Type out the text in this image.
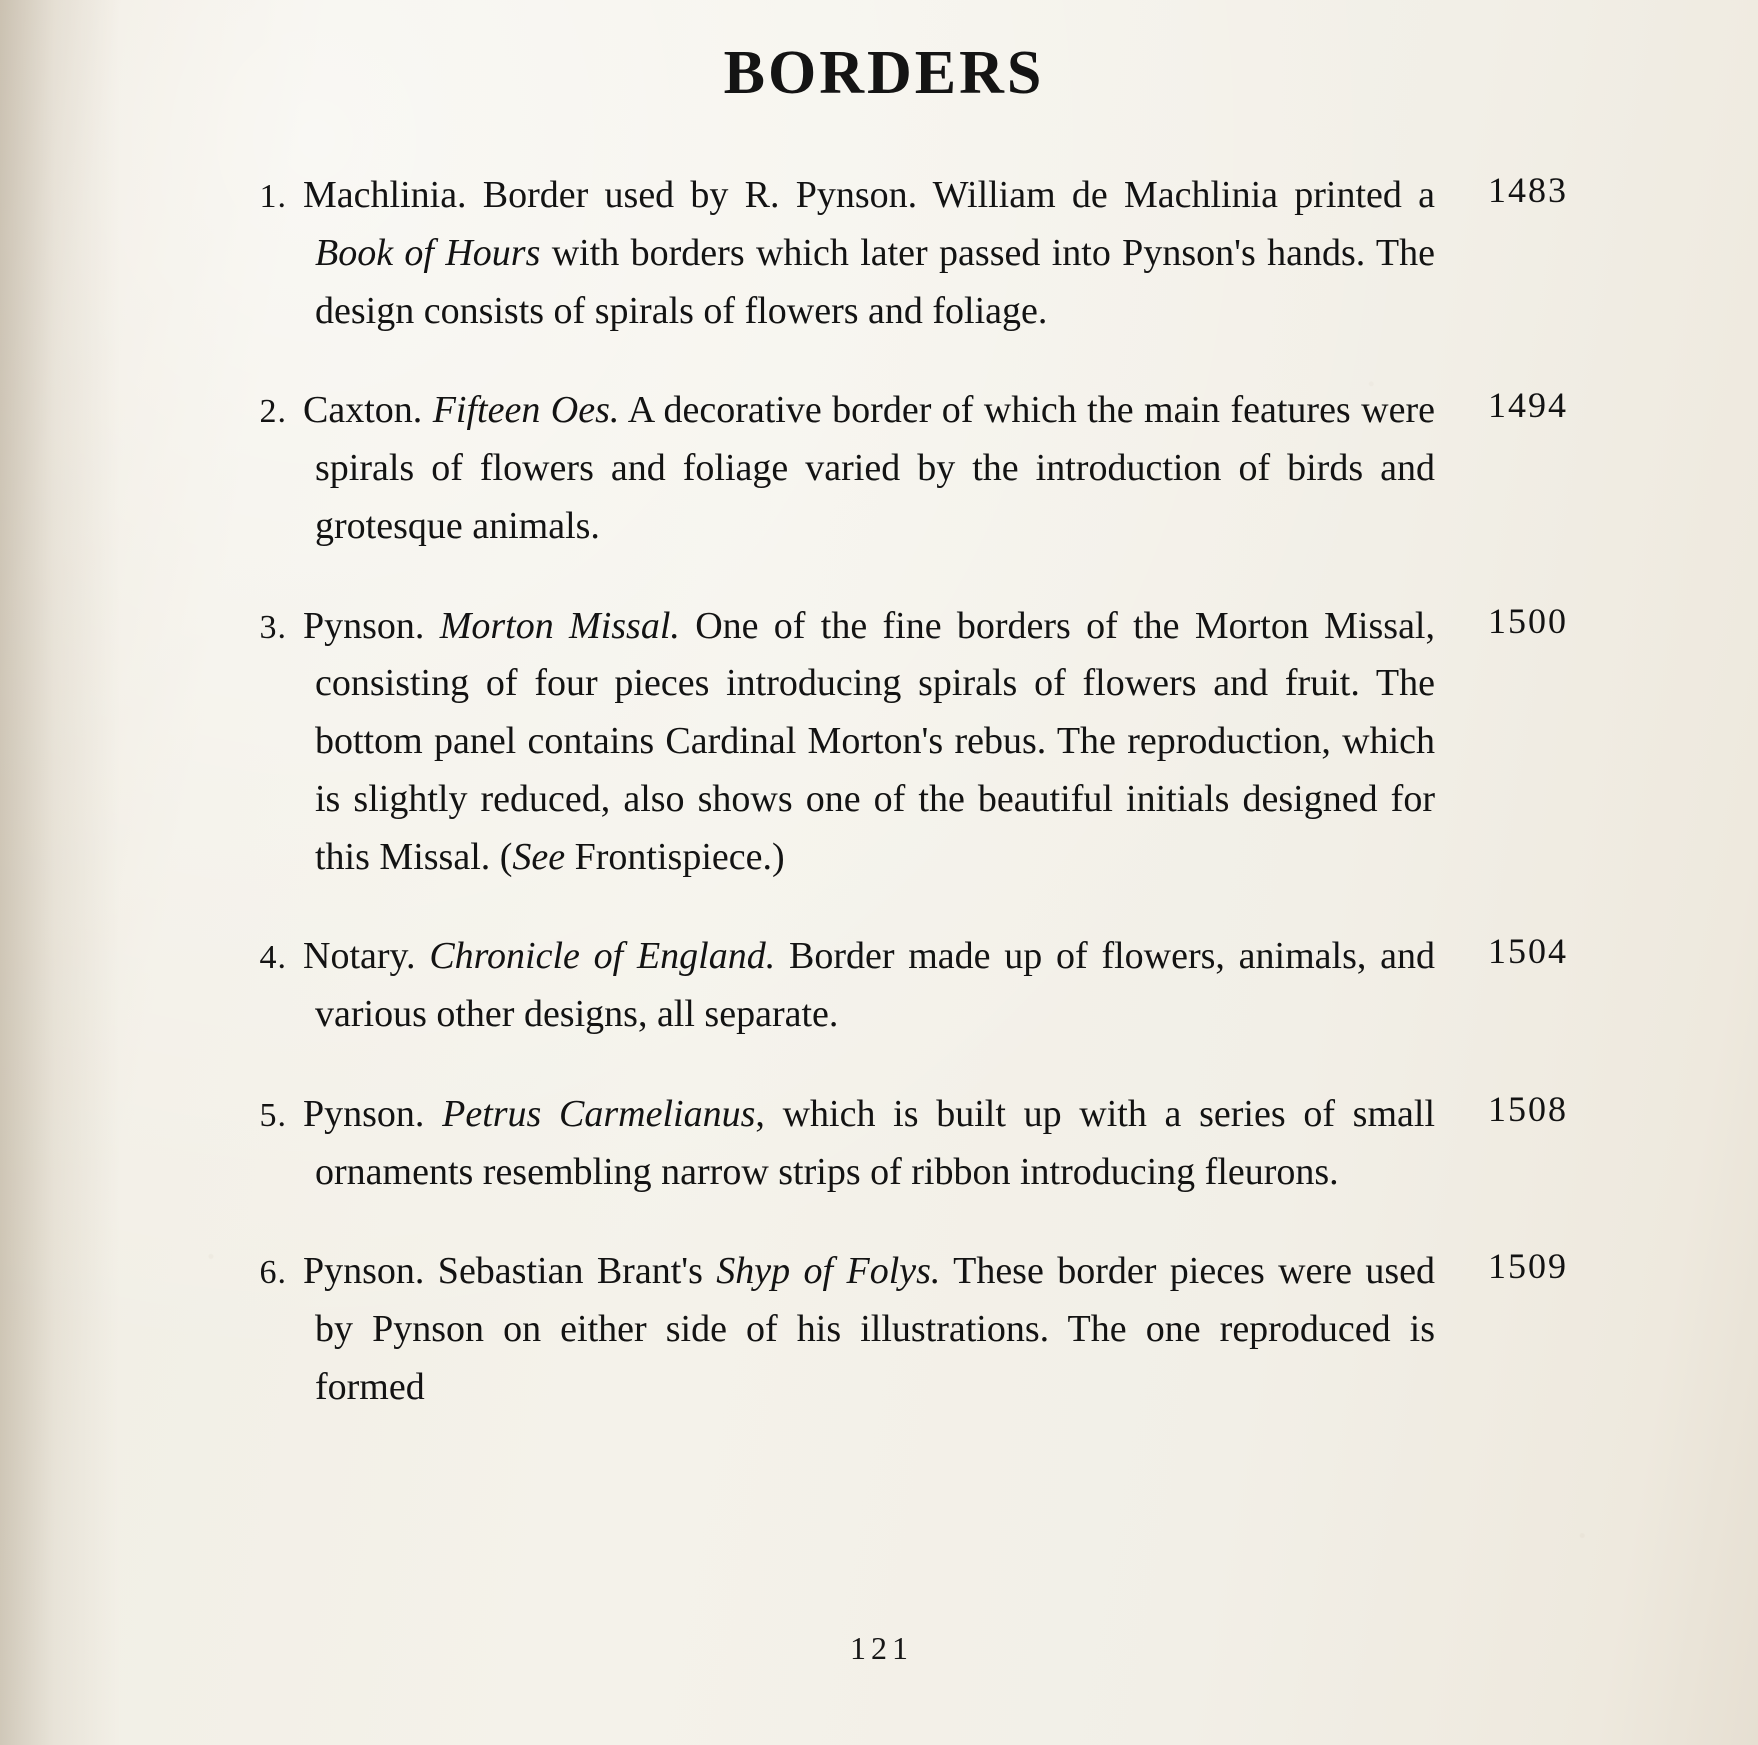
BORDERS
1. Machlinia. Border used by R. Pynson. William de Machlinia printed a Book of Hours with borders which later passed into Pynson's hands. The design consists of spirals of flowers and foliage.
1483
2. Caxton. Fifteen Oes. A decorative border of which the main features were spirals of flowers and foliage varied by the introduction of birds and grotesque animals.
1494
3. Pynson. Morton Missal. One of the fine borders of the Morton Missal, consisting of four pieces introducing spirals of flowers and fruit. The bottom panel contains Cardinal Morton's rebus. The reproduction, which is slightly reduced, also shows one of the beautiful initials designed for this Missal. (See Frontispiece.)
1500
4. Notary. Chronicle of England. Border made up of flowers, animals, and various other designs, all separate.
1504
5. Pynson. Petrus Carmelianus, which is built up with a series of small ornaments resembling narrow strips of ribbon introducing fleurons.
1508
6. Pynson. Sebastian Brant's Shyp of Folys. These border pieces were used by Pynson on either side of his illustrations. The one reproduced is formed
1509
121
